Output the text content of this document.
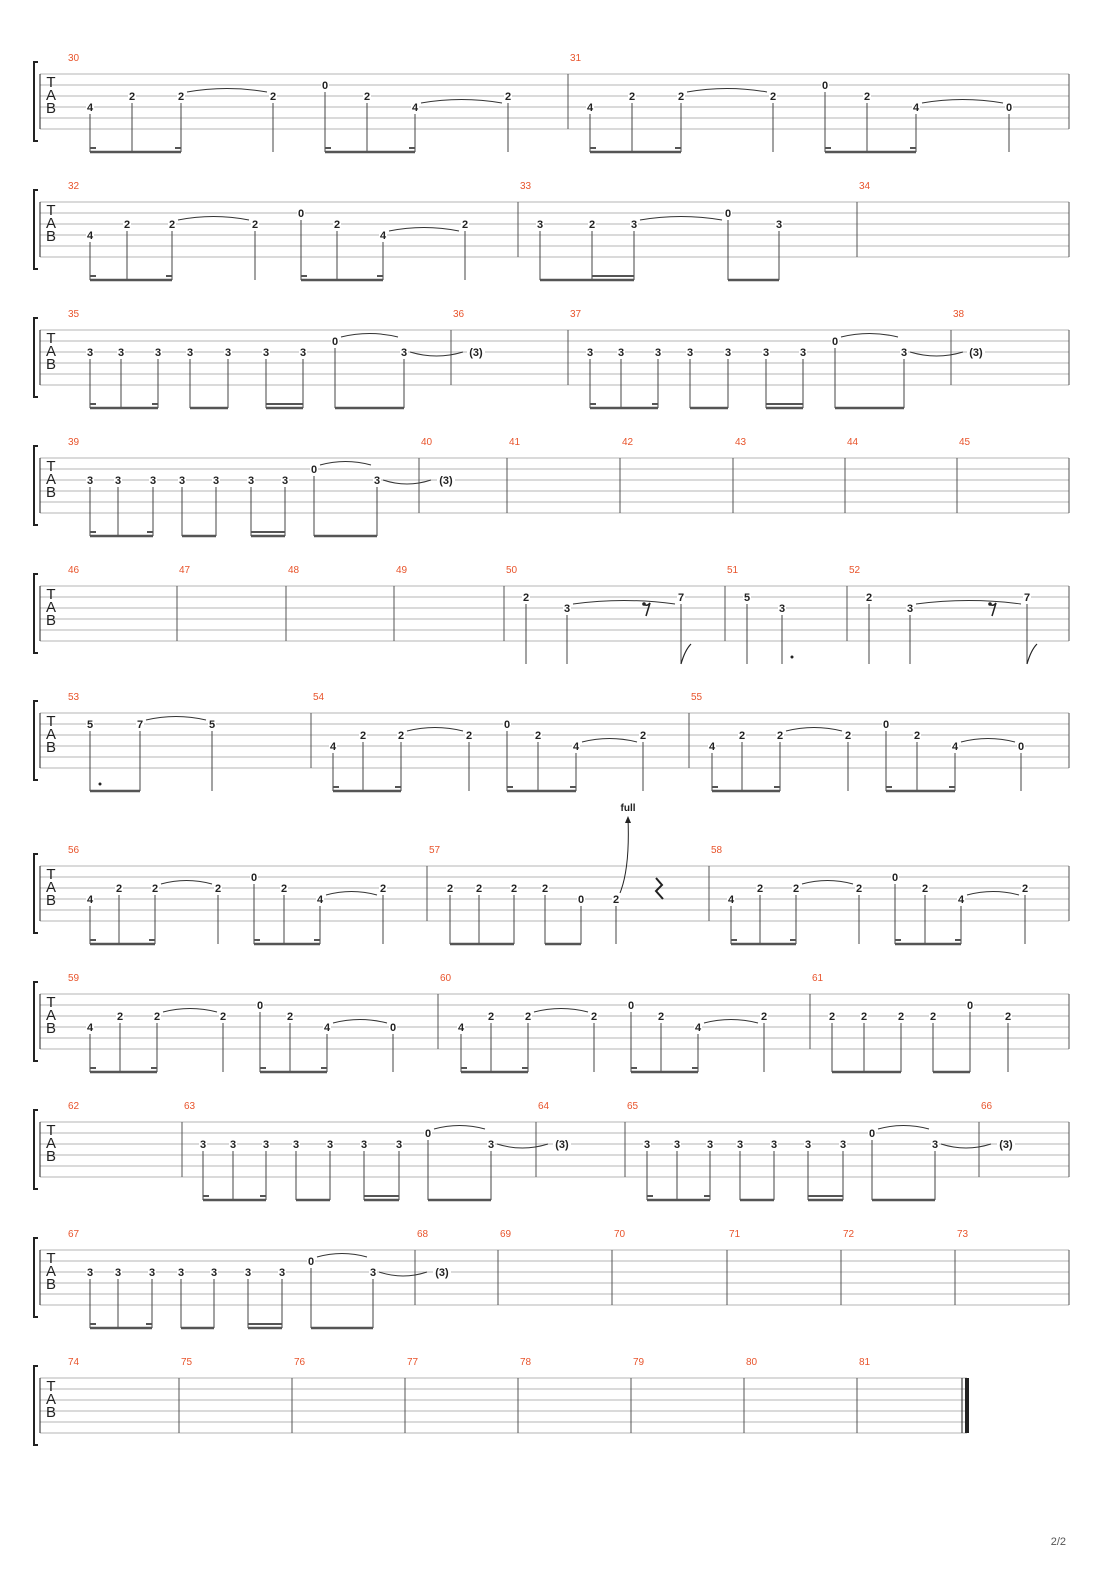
T
A
B
30
4
2	2	2
0
2
4
2
31
4
2	2	2
0
2
4	0
T
A
B
32
4
2	2	2
0
2
4
2
33
3	2	3
0
3
34
T
A
B
35
3 3	3 3	3	3	3
0
3
36
(3)
37
3 3	3 3	3	3	3
0
3
38
(3)
T
A
B
39
3 3	3 3	3	3	3
0
3
40
(3)
41	42	43	44	45
T
A
B
46	47	48	49	50
2
3
7
51
5
3
52
2
3
7
T
A
B
53
5	7	5
54
4
2	2	2
0
2
4
2
55
4
2	2	2
0
2
4	0
T
A
B
56
4
2	2	2
0
2
4
2
57
2 2	2 2
0	2
58
4
2	2	2
0
2
4
2
T
A
B
59
4
2	2	2
0
2
4	0
60
4
2	2	2
0
2
4
2
61
2 2	2 2
0
2
T
A
B
62	63
3 3 3 3	3	3	3
0
3
64
(3)
65
3 3 3 3	3	3	3
0
3
66
(3)
T
A
B
67
3 3	3 3 3	3	3
0
3
68
(3)
69	70	71	72	73
T
A
B
74	75	76	77	78	79	80	81
full
2/2
